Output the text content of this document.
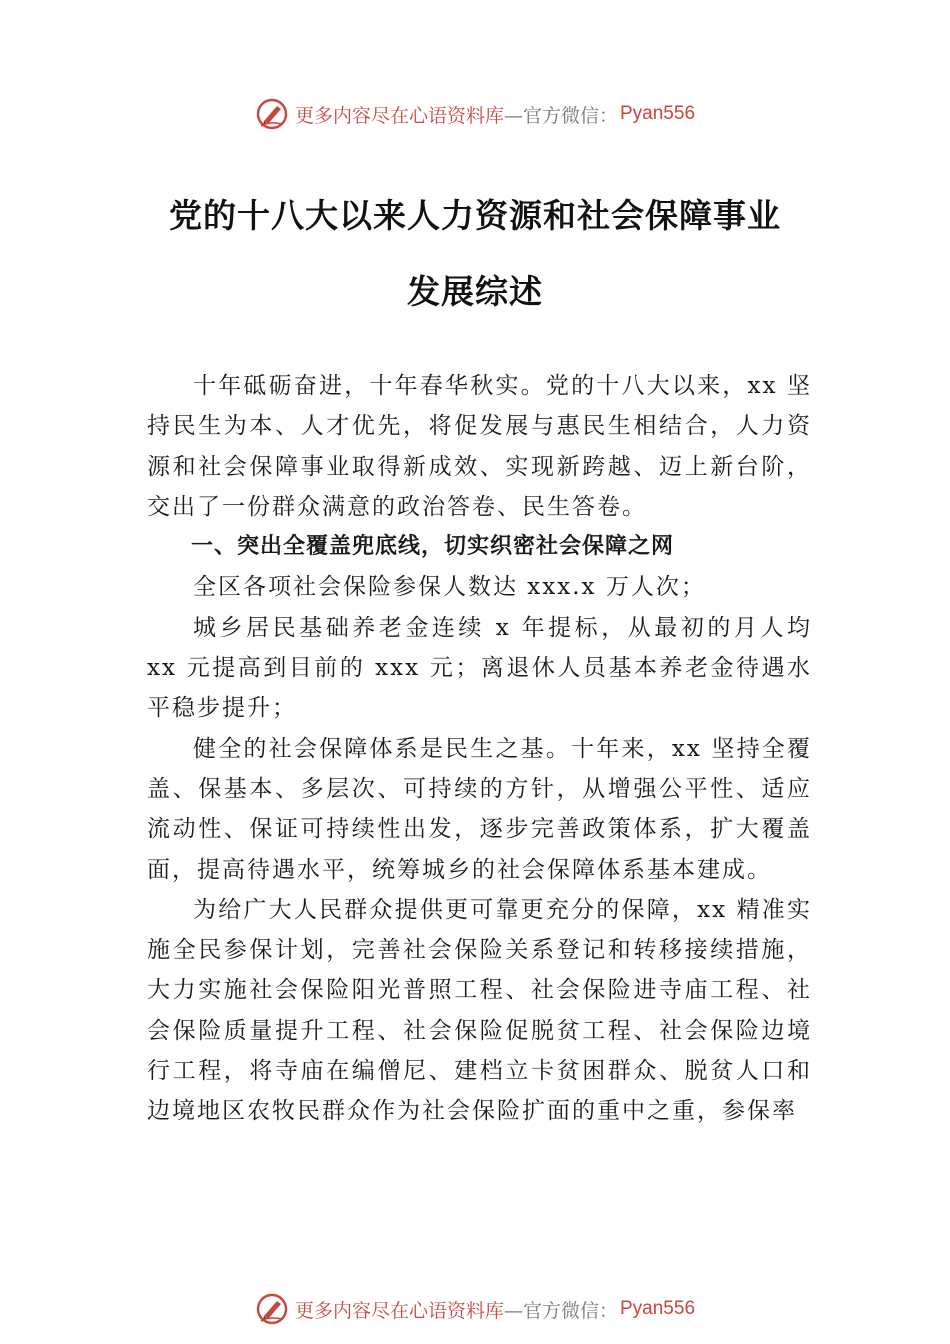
更多内容尽在心语资料库 —官方微信： Pyan556
党的十八大以来人力资源和社会保障事业
发展综述

十年砥砺奋进，十年春华秋实。党的十八大以来，xx 坚持民生为本、人才优先，将促发展与惠民生相结合，人力资源和社会保障事业取得新成效、实现新跨越、迈上新台阶， 交出了一份群众满意的政治答卷、民生答卷。

一、突出全覆盖兜底线，切实织密社会保障之网

全区各项社会保险参保人数达 xxx.x 万人次；

城乡居民基础养老金连续 x 年提标，从最初的月人均 xx 元提高到目前的 xxx 元；离退休人员基本养老金待遇水平稳步提升；

健全的社会保障体系是民生之基。十年来，xx 坚持全覆盖、保基本、多层次、可持续的方针，从增强公平性、适应流动性、保证可持续性出发，逐步完善政策体系，扩大覆盖面，提高待遇水平，统筹城乡的社会保障体系基本建成。

为给广大人民群众提供更可靠更充分的保障，xx 精准实施全民参保计划，完善社会保险关系登记和转移接续措施， 大力实施社会保险阳光普照工程、社会保险进寺庙工程、社会保险质量提升工程、社会保险促脱贫工程、社会保险边境行工程，将寺庙在编僧尼、建档立卡贫困群众、脱贫人口和边境地区农牧民群众作为社会保险扩面的重中之重，参保率

更多内容尽在心语资料库 —官方微信： Pyan556
